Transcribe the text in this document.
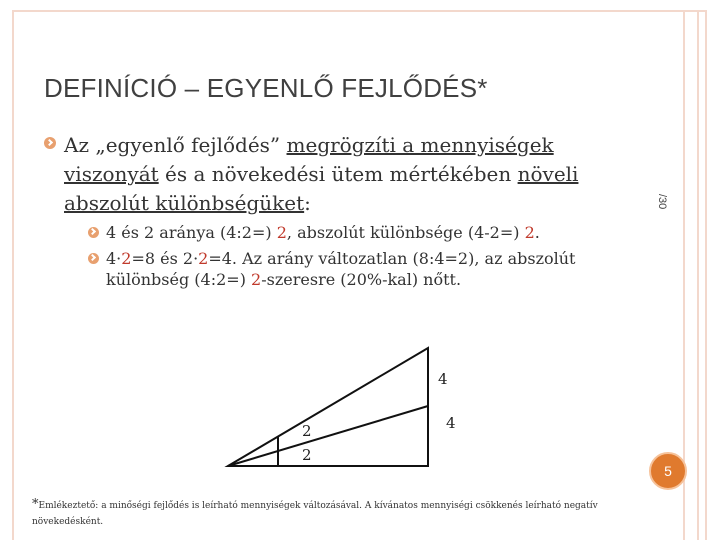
DEFINÍCIÓ – EGYENLŐ FEJLŐDÉS*
/30
Az „egyenlő fejlődés” megrögzíti a mennyiségek viszonyát és a növekedési ütem mértékében növeli abszolút különbségüket:
4 és 2 aránya (4:2=) 2, abszolút különbsége (4-2=) 2.
4·2=8 és 2·2=4. Az arány változatlan (8:4=2), az abszolút különbség (4:2=) 2-szeresre (20%-kal) nőtt.
4
4
2
2
5
*Emlékeztető: a minőségi fejlődés is leírható mennyiségek változásával. A kívánatos mennyiségi csökkenés leírható negatív növekedésként.
